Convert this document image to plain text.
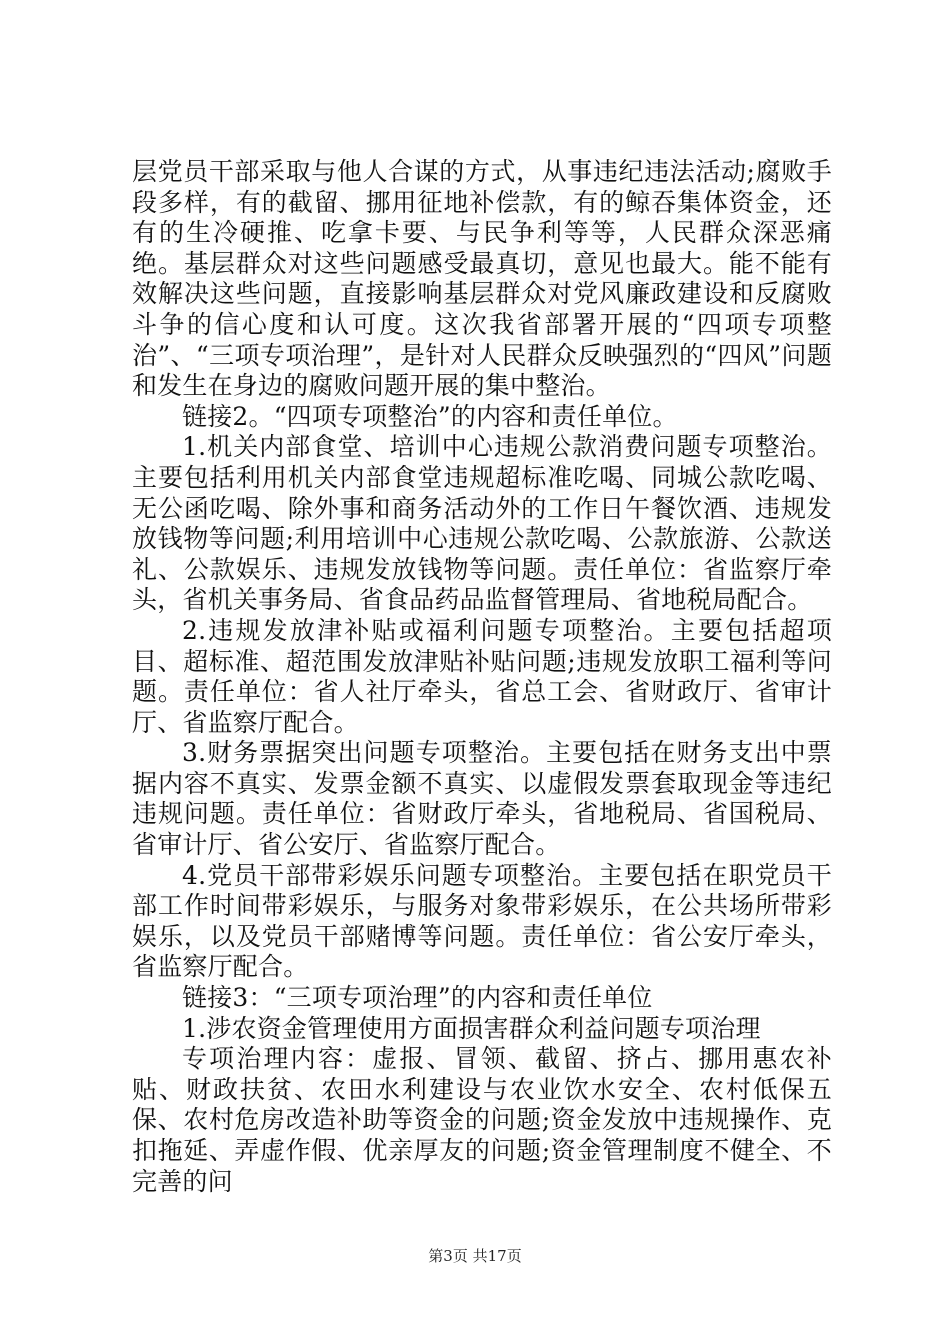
层党员干部采取与他人合谋的方式，从事违纪违法活动;腐败手段多样，有的截留、挪用征地补偿款，有的鲸吞集体资金，还有的生冷硬推、吃拿卡要、与民争利等等，人民群众深恶痛绝。基层群众对这些问题感受最真切，意见也最大。能不能有效解决这些问题，直接影响基层群众对党风廉政建设和反腐败斗争的信心度和认可度。这次我省部署开展的“四项专项整治”、“三项专项治理”，是针对人民群众反映强烈的“四风”问题和发生在身边的腐败问题开展的集中整治。

链接2。“四项专项整治”的内容和责任单位。

1.机关内部食堂、培训中心违规公款消费问题专项整治。主要包括利用机关内部食堂违规超标准吃喝、同城公款吃喝、无公函吃喝、除外事和商务活动外的工作日午餐饮酒、违规发放钱物等问题;利用培训中心违规公款吃喝、公款旅游、公款送礼、公款娱乐、违规发放钱物等问题。责任单位：省监察厅牵头，省机关事务局、省食品药品监督管理局、省地税局配合。

2.违规发放津补贴或福利问题专项整治。主要包括超项目、超标准、超范围发放津贴补贴问题;违规发放职工福利等问题。责任单位：省人社厅牵头，省总工会、省财政厅、省审计厅、省监察厅配合。

3.财务票据突出问题专项整治。主要包括在财务支出中票据内容不真实、发票金额不真实、以虚假发票套取现金等违纪违规问题。责任单位：省财政厅牵头，省地税局、省国税局、省审计厅、省公安厅、省监察厅配合。

4.党员干部带彩娱乐问题专项整治。主要包括在职党员干部工作时间带彩娱乐，与服务对象带彩娱乐，在公共场所带彩娱乐，以及党员干部赌博等问题。责任单位：省公安厅牵头，省监察厅配合。

链接3：“三项专项治理”的内容和责任单位

1.涉农资金管理使用方面损害群众利益问题专项治理

专项治理内容：虚报、冒领、截留、挤占、挪用惠农补贴、财政扶贫、农田水利建设与农业饮水安全、农村低保五保、农村危房改造补助等资金的问题;资金发放中违规操作、克扣拖延、弄虚作假、优亲厚友的问题;资金管理制度不健全、不完善的问

第3页 共17页
